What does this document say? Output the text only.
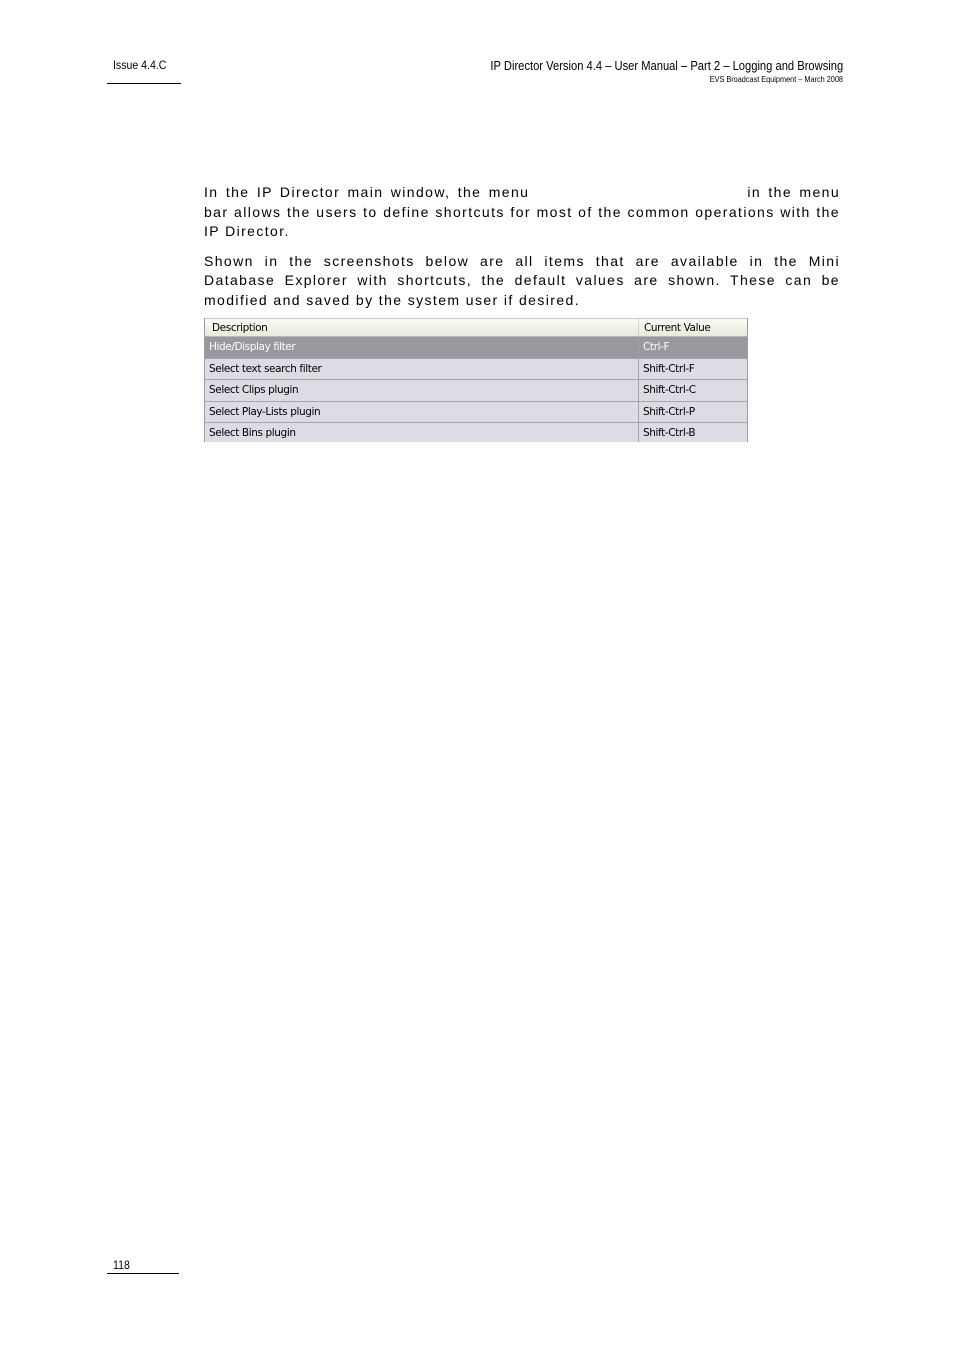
Issue 4.4.C	IP Director Version 4.4 – User Manual – Part 2 – Logging and Browsing
EVS Broadcast Equipment – March 2008

In the IP Director main window, the menu	in the menu bar allows the users to define shortcuts for most of the common operations with the IP Director.

Shown in the screenshots below are all items that are available in the Mini Database Explorer with shortcuts, the default values are shown. These can be modified and saved by the system user if desired.

Description	Current Value
Hide/Display filter	Ctrl-F
Select text search filter	Shift-Ctrl-F
Select Clips plugin	Shift-Ctrl-C
Select Play-Lists plugin	Shift-Ctrl-P
Select Bins plugin	Shift-Ctrl-B
118
